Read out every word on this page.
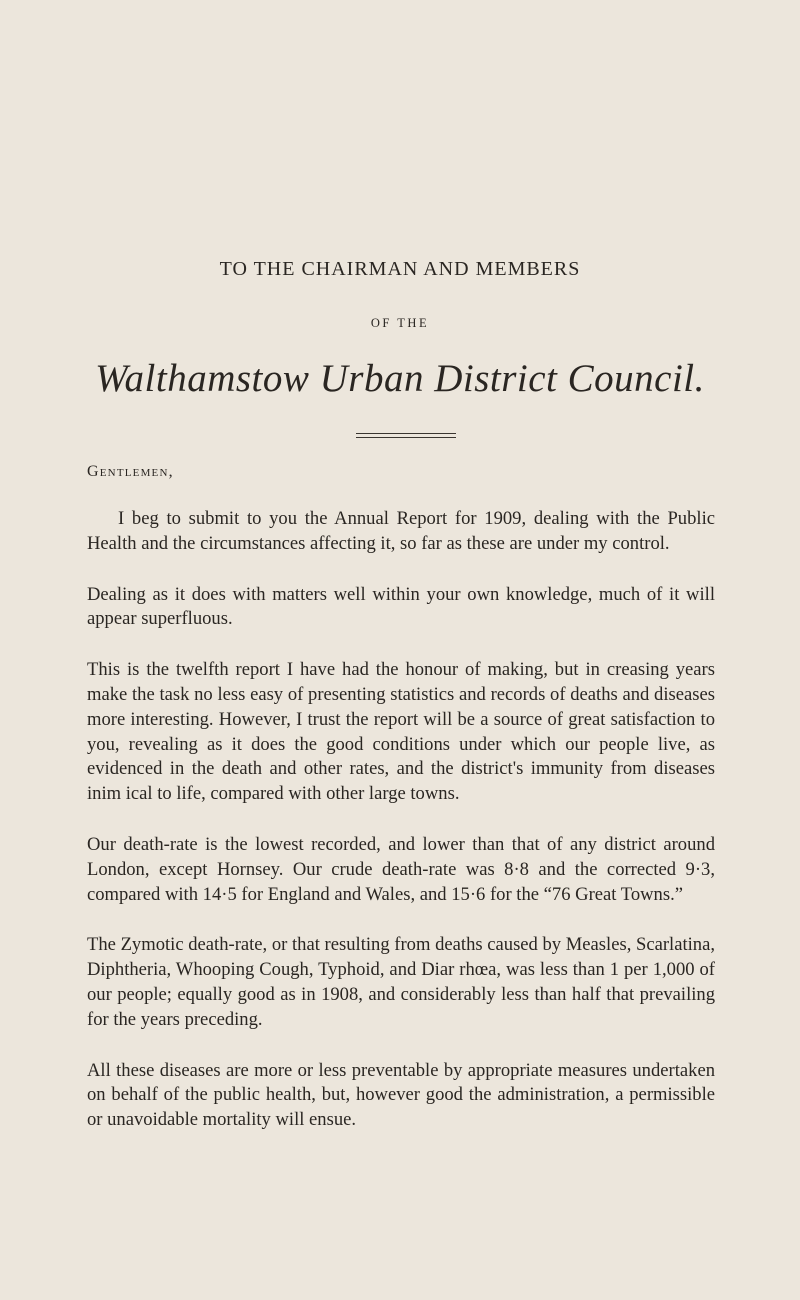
TO THE CHAIRMAN AND MEMBERS
OF THE
Walthamstow Urban District Council.
Gentlemen,

I beg to submit to you the Annual Report for 1909, dealing with the Public Health and the circumstances affecting it, so far as these are under my control.

Dealing as it does with matters well within your own knowledge, much of it will appear superfluous.

This is the twelfth report I have had the honour of making, but in creasing years make the task no less easy of presenting statistics and records of deaths and diseases more interesting. However, I trust the report will be a source of great satisfaction to you, revealing as it does the good conditions under which our people live, as evidenced in the death and other rates, and the district's immunity from diseases inim ical to life, compared with other large towns.

Our death-rate is the lowest recorded, and lower than that of any district around London, except Hornsey. Our crude death-rate was 8·8 and the corrected 9·3, compared with 14·5 for England and Wales, and 15·6 for the “76 Great Towns.”

The Zymotic death-rate, or that resulting from deaths caused by Measles, Scarlatina, Diphtheria, Whooping Cough, Typhoid, and Diar rhœa, was less than 1 per 1,000 of our people; equally good as in 1908, and considerably less than half that prevailing for the years preceding.

All these diseases are more or less preventable by appropriate measures undertaken on behalf of the public health, but, however good the administration, a permissible or unavoidable mortality will ensue.
